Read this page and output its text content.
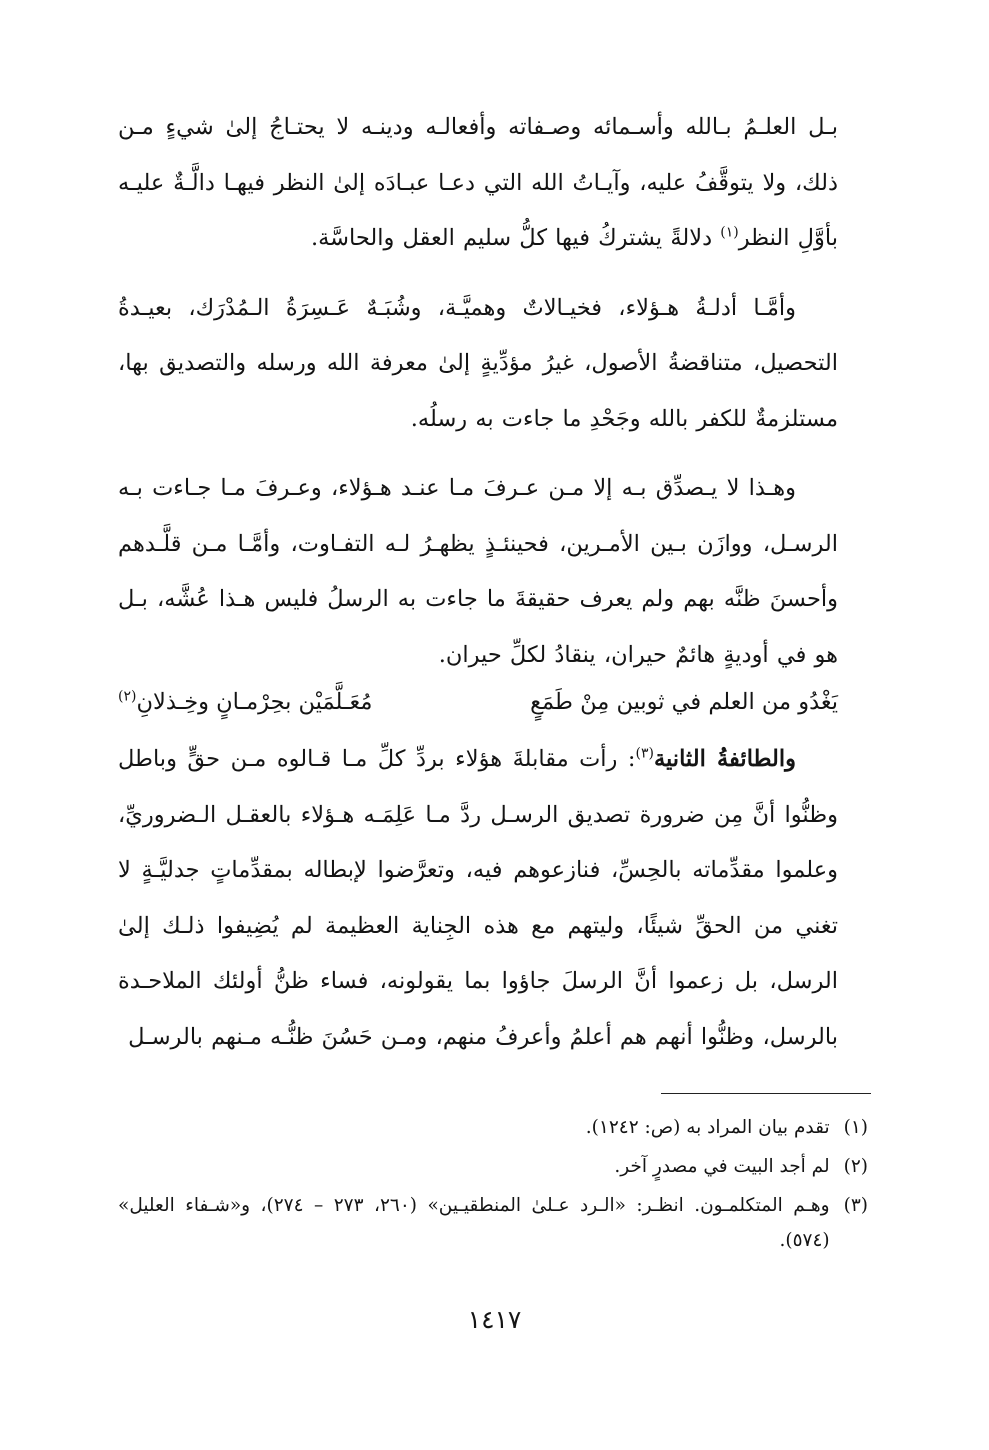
بـل العلـمُ بـالله وأسـمائه وصـفاته وأفعالـه ودينـه لا يحتـاجُ إلىٰ شيءٍ مـن ذلك، ولا يتوقَّفُ عليه، وآيـاتُ الله التي دعـا عبـادَه إلىٰ النظر فيهـا دالَّـةٌ عليـه بأوَّلِ النظر$^{(١)}$ دلالةً يشتركُ فيها كلُّ سليم العقل والحاسَّة.

وأمَّـا أدلـةُ هـؤلاء، فخيـالاتٌ وهميَّـة، وشُبَـهٌ عَـسِرَةُ الـمُدْرَك، بعيـدةُ التحصيل، متناقضةُ الأصول، غيرُ مؤدِّيةٍ إلىٰ معرفة الله ورسله والتصديق بها، مستلزمةٌ للكفر بالله وجَحْدِ ما جاءت به رسلُه.

وهـذا لا يـصدِّق بـه إلا مـن عـرفَ مـا عنـد هـؤلاء، وعـرفَ مـا جـاءت بـه الرسـل، ووازَن بـين الأمـرين، فحينئـذٍ يظهـرُ لـه التفـاوت، وأمَّـا مـن قلَّـدهم وأحسنَ ظنَّه بهم ولم يعرف حقيقةَ ما جاءت به الرسلُ فليس هـذا عُشَّه، بـل هو في أوديةٍ هائمٌ حيران، ينقادُ لكلِّ حيران.

يَغْدُو من العلم في ثوبين مِنْ طَمَعٍ
مُعَـلَّمَيْن بحِرْمـانٍ وخِـذلانِ$^{(٢)}$

والطائفةُ الثانية$^{(٣)}$: رأت مقابلةَ هؤلاء بردِّ كلِّ مـا قـالوه مـن حقٍّ وباطل وظنُّوا أنَّ مِن ضرورة تصديق الرسـل ردَّ مـا عَلِمَـه هـؤلاء بالعقـل الـضروريِّ، وعلموا مقدِّماته بالحِسِّ، فنازعوهم فيه، وتعرَّضوا لإبطاله بمقدِّماتٍ جدليَّـةٍ لا تغني من الحقِّ شيئًا، وليتهم مع هذه الجِناية العظيمة لم يُضِيفوا ذلـك إلىٰ الرسل، بل زعموا أنَّ الرسلَ جاؤوا بما يقولونه، فساء ظنُّ أولئك الملاحـدة بالرسل، وظنُّوا أنهم هم أعلمُ وأعرفُ منهم، ومـن حَسُنَ ظنُّـه مـنهم بالرسـل

(١)
تقدم بيان المراد به (ص: ١٢٤٢).
(٢)
لم أجد البيت في مصدرٍ آخر.
(٣)
وهـم المتكلمـون. انظـر: «الـرد عـلىٰ المنطقيـين» (٢٦٠، ٢٧٣ – ٢٧٤)، و«شـفاء العليل» (٥٧٤).
١٤١٧
